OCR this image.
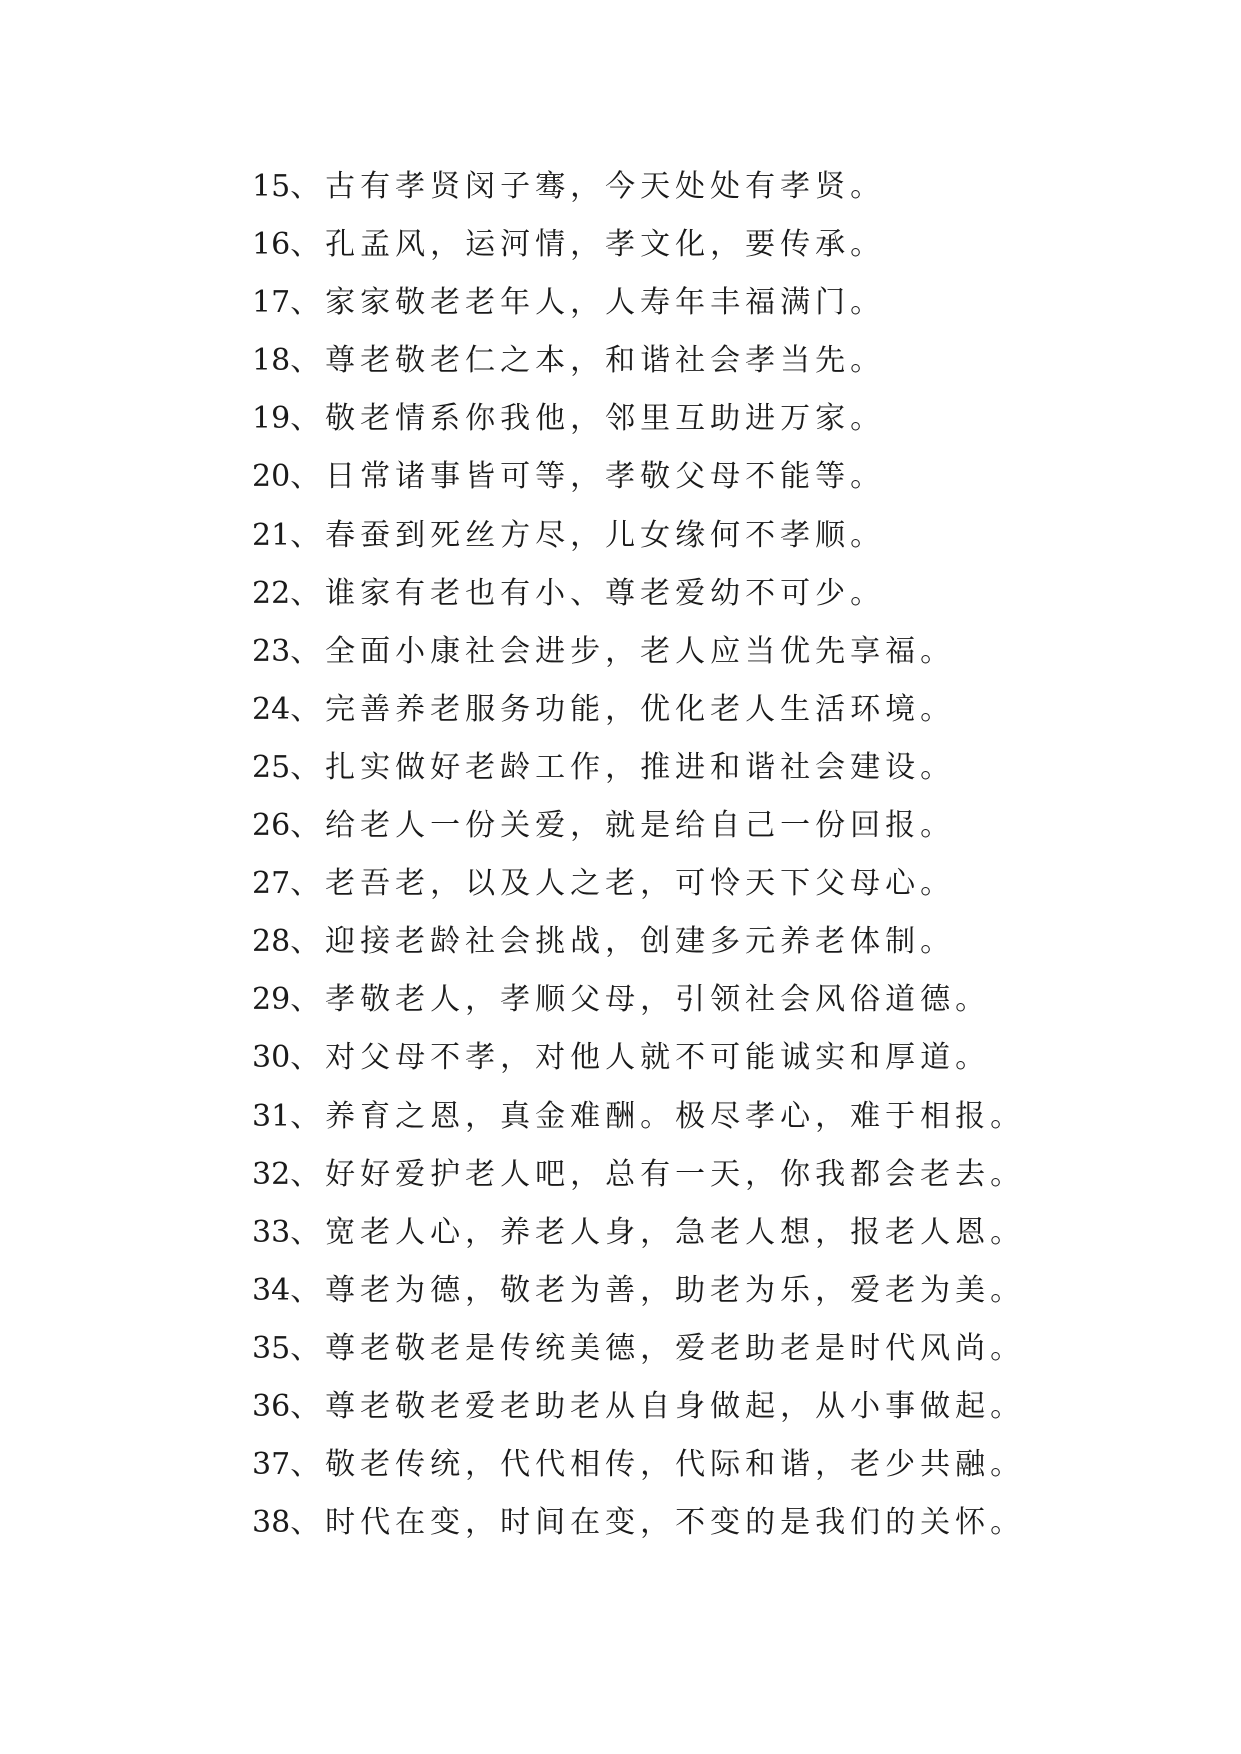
15、古有孝贤闵子骞，今天处处有孝贤。
16、孔孟风，运河情，孝文化，要传承。
17、家家敬老老年人，人寿年丰福满门。
18、尊老敬老仁之本，和谐社会孝当先。
19、敬老情系你我他，邻里互助进万家。
20、日常诸事皆可等，孝敬父母不能等。
21、春蚕到死丝方尽，儿女缘何不孝顺。
22、谁家有老也有小、尊老爱幼不可少。
23、全面小康社会进步，老人应当优先享福。
24、完善养老服务功能，优化老人生活环境。
25、扎实做好老龄工作，推进和谐社会建设。
26、给老人一份关爱，就是给自己一份回报。
27、老吾老，以及人之老，可怜天下父母心。
28、迎接老龄社会挑战，创建多元养老体制。
29、孝敬老人，孝顺父母，引领社会风俗道德。
30、对父母不孝，对他人就不可能诚实和厚道。
31、养育之恩，真金难酬。极尽孝心，难于相报。
32、好好爱护老人吧，总有一天，你我都会老去。
33、宽老人心，养老人身，急老人想，报老人恩。
34、尊老为德，敬老为善，助老为乐，爱老为美。
35、尊老敬老是传统美德，爱老助老是时代风尚。
36、尊老敬老爱老助老从自身做起，从小事做起。
37、敬老传统，代代相传，代际和谐，老少共融。
38、时代在变，时间在变，不变的是我们的关怀。
